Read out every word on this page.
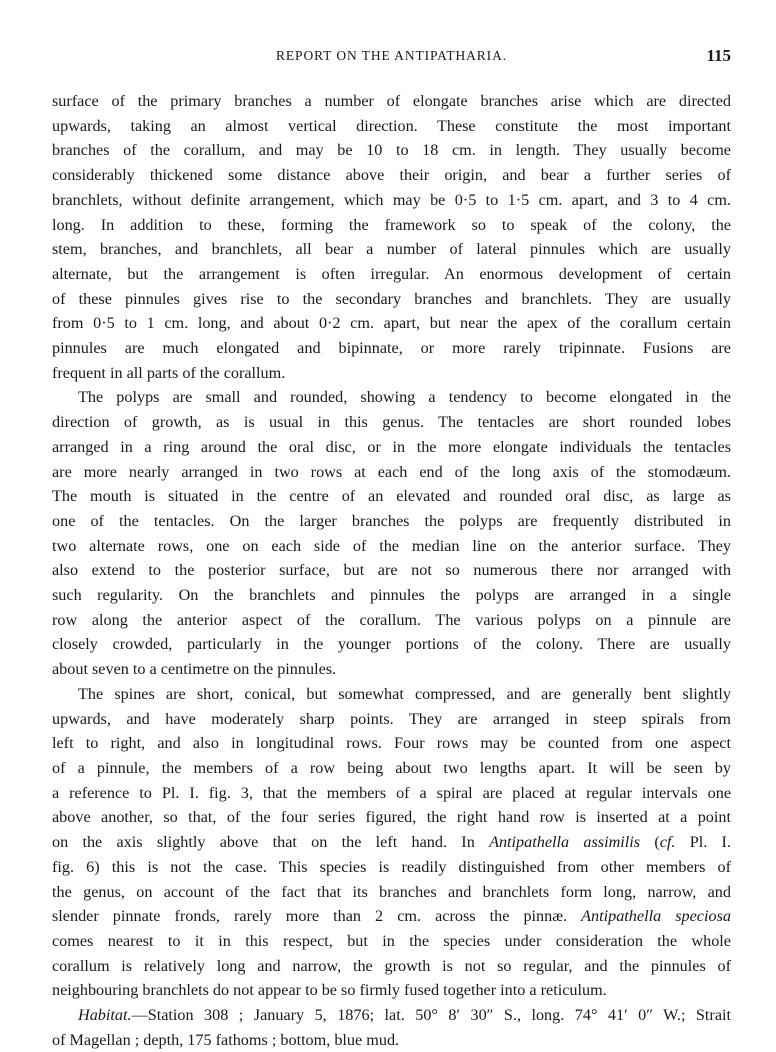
REPORT ON THE ANTIPATHARIA.	115
surface of the primary branches a number of elongate branches arise which are directed
upwards, taking an almost vertical direction. These constitute the most important
branches of the corallum, and may be 10 to 18 cm. in length. They usually become
considerably thickened some distance above their origin, and bear a further series of
branchlets, without definite arrangement, which may be 0·5 to 1·5 cm. apart, and 3 to 4 cm.
long. In addition to these, forming the framework so to speak of the colony, the
stem, branches, and branchlets, all bear a number of lateral pinnules which are usually
alternate, but the arrangement is often irregular. An enormous development of certain
of these pinnules gives rise to the secondary branches and branchlets. They are usually
from 0·5 to 1 cm. long, and about 0·2 cm. apart, but near the apex of the corallum certain
pinnules are much elongated and bipinnate, or more rarely tripinnate. Fusions are
frequent in all parts of the corallum.
The polyps are small and rounded, showing a tendency to become elongated in the
direction of growth, as is usual in this genus. The tentacles are short rounded lobes
arranged in a ring around the oral disc, or in the more elongate individuals the tentacles
are more nearly arranged in two rows at each end of the long axis of the stomodæum.
The mouth is situated in the centre of an elevated and rounded oral disc, as large as
one of the tentacles. On the larger branches the polyps are frequently distributed in
two alternate rows, one on each side of the median line on the anterior surface. They
also extend to the posterior surface, but are not so numerous there nor arranged with
such regularity. On the branchlets and pinnules the polyps are arranged in a single
row along the anterior aspect of the corallum. The various polyps on a pinnule are
closely crowded, particularly in the younger portions of the colony. There are usually
about seven to a centimetre on the pinnules.
The spines are short, conical, but somewhat compressed, and are generally bent slightly
upwards, and have moderately sharp points. They are arranged in steep spirals from
left to right, and also in longitudinal rows. Four rows may be counted from one aspect
of a pinnule, the members of a row being about two lengths apart. It will be seen by
a reference to Pl. I. fig. 3, that the members of a spiral are placed at regular intervals one
above another, so that, of the four series figured, the right hand row is inserted at a point
on the axis slightly above that on the left hand. In Antipathella assimilis (cf. Pl. I.
fig. 6) this is not the case. This species is readily distinguished from other members of
the genus, on account of the fact that its branches and branchlets form long, narrow, and
slender pinnate fronds, rarely more than 2 cm. across the pinnæ. Antipathella speciosa
comes nearest to it in this respect, but in the species under consideration the whole
corallum is relatively long and narrow, the growth is not so regular, and the pinnules of
neighbouring branchlets do not appear to be so firmly fused together into a reticulum.
Habitat.—Station 308 ; January 5, 1876; lat. 50° 8′ 30″ S., long. 74° 41′ 0″ W.; Strait
of Magellan ; depth, 175 fathoms ; bottom, blue mud.
